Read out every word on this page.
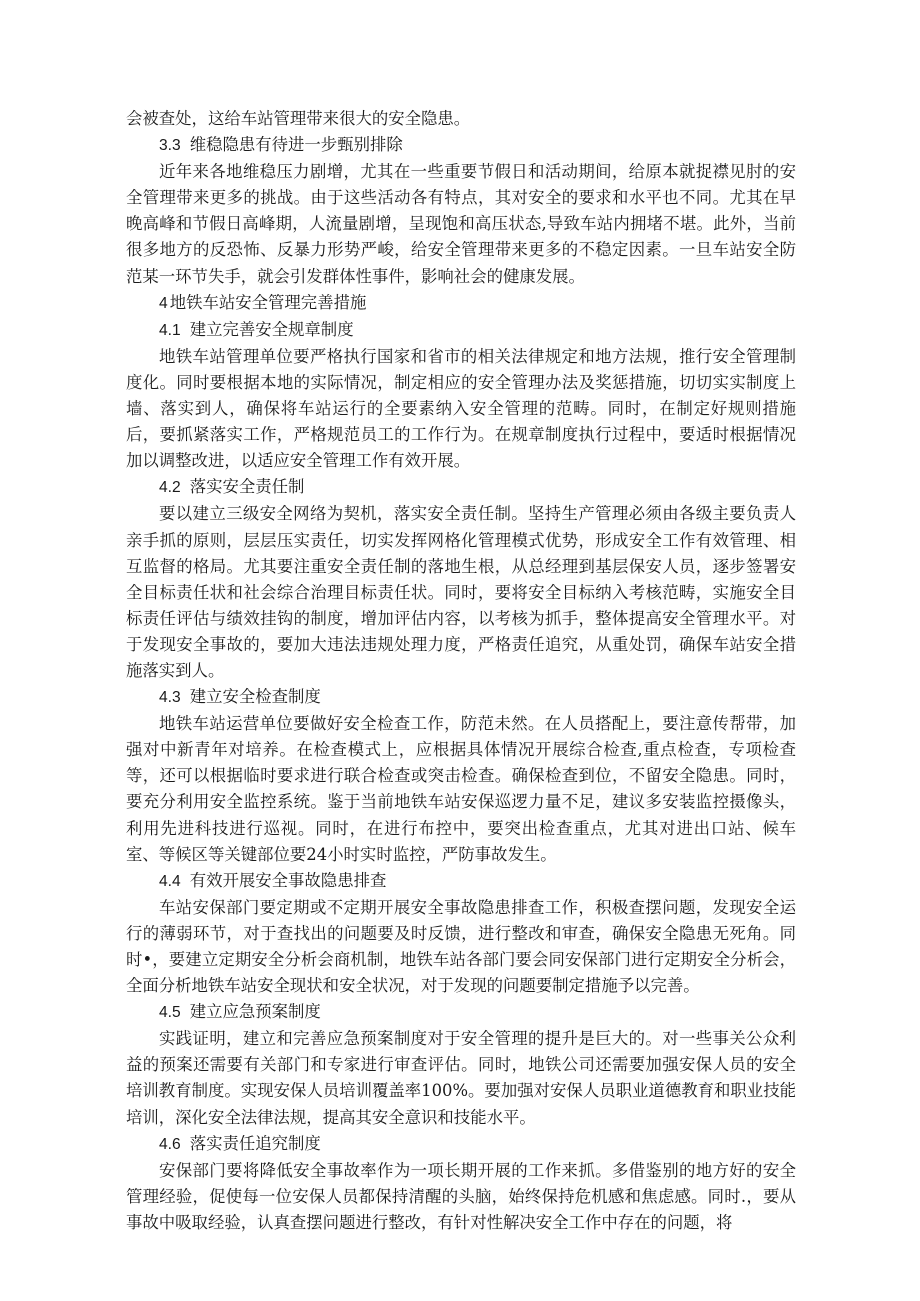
会被查处，这给车站管理带来很大的安全隐患。

3.3 维稳隐患有待进一步甄别排除

近年来各地维稳压力剧增，尤其在一些重要节假日和活动期间，给原本就捉襟见肘的安全管理带来更多的挑战。由于这些活动各有特点，其对安全的要求和水平也不同。尤其在早晚高峰和节假日高峰期，人流量剧增，呈现饱和高压状态,导致车站内拥堵不堪。此外，当前很多地方的反恐怖、反暴力形势严峻，给安全管理带来更多的不稳定因素。一旦车站安全防范某一环节失手，就会引发群体性事件，影响社会的健康发展。

4 地铁车站安全管理完善措施

4.1 建立完善安全规章制度

地铁车站管理单位要严格执行国家和省市的相关法律规定和地方法规，推行安全管理制度化。同时要根据本地的实际情况，制定相应的安全管理办法及奖惩措施，切切实实制度上墙、落实到人，确保将车站运行的全要素纳入安全管理的范畴。同时，在制定好规则措施后，要抓紧落实工作，严格规范员工的工作行为。在规章制度执行过程中，要适时根据情况加以调整改进，以适应安全管理工作有效开展。

4.2 落实安全责任制

要以建立三级安全网络为契机，落实安全责任制。坚持生产管理必须由各级主要负责人亲手抓的原则，层层压实责任，切实发挥网格化管理模式优势，形成安全工作有效管理、相互监督的格局。尤其要注重安全责任制的落地生根，从总经理到基层保安人员，逐步签署安全目标责任状和社会综合治理目标责任状。同时，要将安全目标纳入考核范畴，实施安全目标责任评估与绩效挂钩的制度，增加评估内容，以考核为抓手，整体提高安全管理水平。对于发现安全事故的，要加大违法违规处理力度，严格责任追究，从重处罚，确保车站安全措施落实到人。

4.3 建立安全检查制度

地铁车站运营单位要做好安全检查工作，防范未然。在人员搭配上，要注意传帮带，加强对中新青年对培养。在检查模式上，应根据具体情况开展综合检查,重点检查，专项检查等，还可以根据临时要求进行联合检查或突击检查。确保检查到位，不留安全隐患。同时，要充分利用安全监控系统。鉴于当前地铁车站安保巡逻力量不足，建议多安装监控摄像头，利用先进科技进行巡视。同时，在进行布控中，要突出检查重点，尤其对进出口站、候车室、等候区等关键部位要24小时实时监控，严防事故发生。

4.4 有效开展安全事故隐患排查

车站安保部门要定期或不定期开展安全事故隐患排查工作，积极查摆问题，发现安全运行的薄弱环节，对于查找出的问题要及时反馈，进行整改和审查，确保安全隐患无死角。同时•，要建立定期安全分析会商机制，地铁车站各部门要会同安保部门进行定期安全分析会，全面分析地铁车站安全现状和安全状况，对于发现的问题要制定措施予以完善。

4.5 建立应急预案制度

实践证明，建立和完善应急预案制度对于安全管理的提升是巨大的。对一些事关公众利益的预案还需要有关部门和专家进行审查评估。同时，地铁公司还需要加强安保人员的安全培训教育制度。实现安保人员培训覆盖率100%。要加强对安保人员职业道德教育和职业技能培训，深化安全法律法规，提高其安全意识和技能水平。

4.6 落实责任追究制度

安保部门要将降低安全事故率作为一项长期开展的工作来抓。多借鉴别的地方好的安全管理经验，促使每一位安保人员都保持清醒的头脑，始终保持危机感和焦虑感。同时.，要从事故中吸取经验，认真查摆问题进行整改，有针对性解决安全工作中存在的问题，将
